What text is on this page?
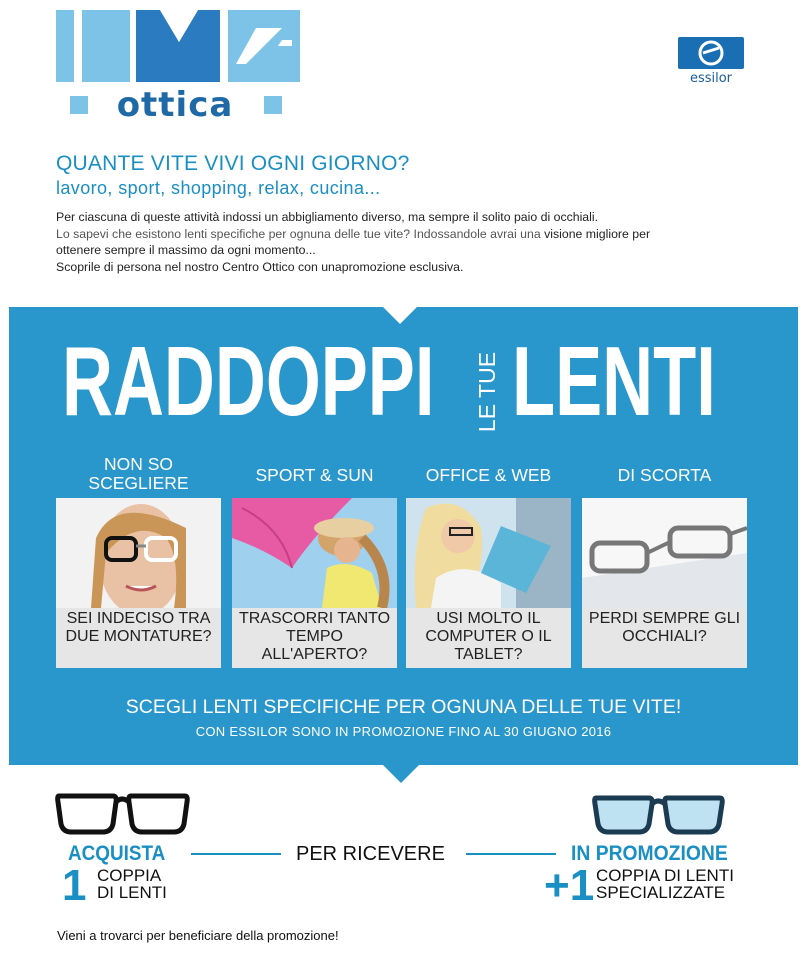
ottica
essilor
QUANTE VITE VIVI OGNI GIORNO?
lavoro, sport, shopping, relax, cucina...
Per ciascuna di queste attività indossi un abbigliamento diverso, ma sempre il solito paio di occhiali.
Lo sapevi che esistono lenti specifiche per ognuna delle tue vite? Indossandole avrai una visione migliore per
ottenere sempre il massimo da ogni momento...
Scoprile di persona nel nostro Centro Ottico con unapromozione esclusiva.
RADDOPPI LE TUE LENTI
NON SO SCEGLIERE	SPORT & SUN	OFFICE & WEB	DI SCORTA
SEI INDECISO TRA DUE MONTATURE?
TRASCORRI TANTO TEMPO ALL'APERTO?
USI MOLTO IL COMPUTER O IL TABLET?
PERDI SEMPRE GLI OCCHIALI?
SCEGLI LENTI SPECIFICHE PER OGNUNA DELLE TUE VITE!
CON ESSILOR SONO IN PROMOZIONE FINO AL 30 GIUGNO 2016
ACQUISTA
1 COPPIA
DI LENTI
PER RICEVERE	IN PROMOZIONE
+1 COPPIA DI LENTI
SPECIALIZZATE
Vieni a trovarci per beneficiare della promozione!
